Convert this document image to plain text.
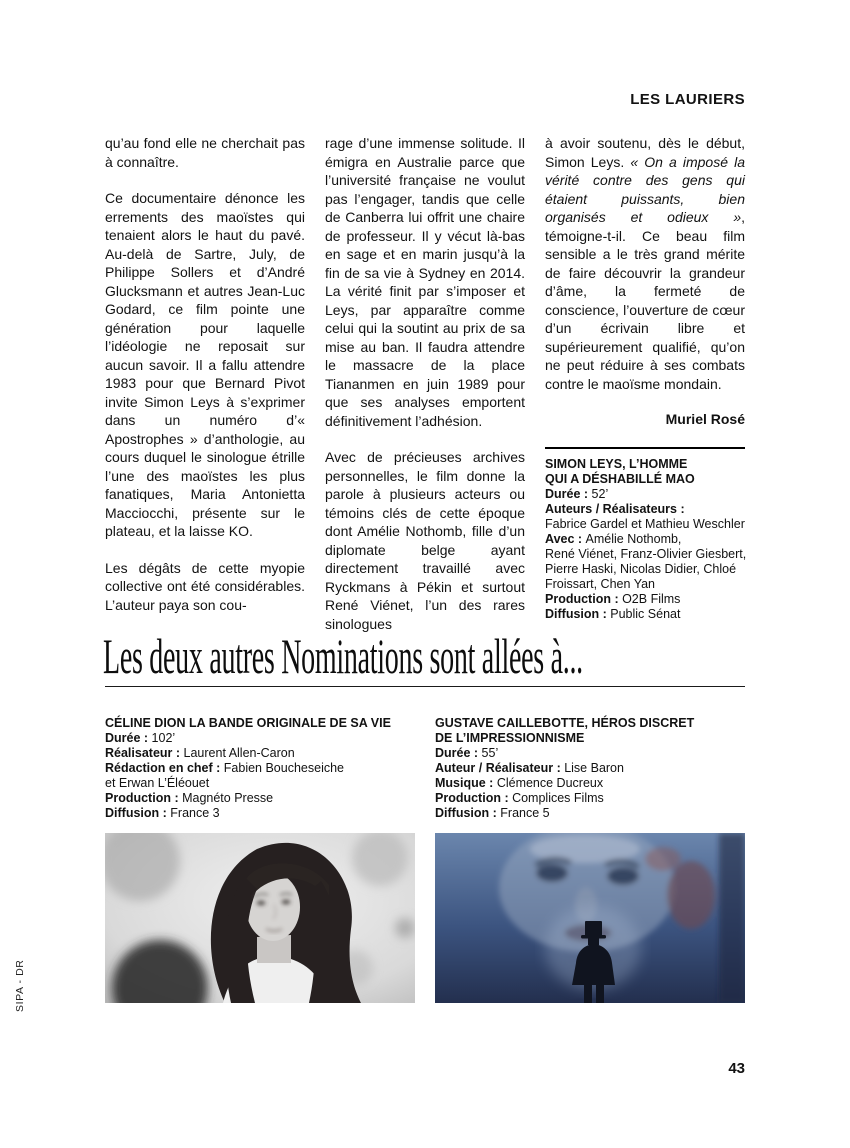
LES LAURIERS

qu’au fond elle ne cherchait pas à connaître.

Ce documentaire dénonce les errements des maoïstes qui tenaient alors le haut du pavé. Au-delà de Sartre, July, de Philippe Sollers et d’André Glucksmann et autres Jean-Luc Godard, ce film pointe une génération pour laquelle l’idéologie ne reposait sur aucun savoir. Il a fallu attendre 1983 pour que Bernard Pivot invite Simon Leys à s’exprimer dans un numéro d’« Apostrophes » d’anthologie, au cours duquel le sinologue étrille l’une des maoïstes les plus fanatiques, Maria Antonietta Macciocchi, présente sur le plateau, et la laisse KO.

Les dégâts de cette myopie collective ont été considérables. L’auteur paya son cou-

rage d’une immense solitude. Il émigra en Australie parce que l’université française ne voulut pas l’engager, tandis que celle de Canberra lui offrit une chaire de professeur. Il y vécut là-bas en sage et en marin jusqu’à la fin de sa vie à Sydney en 2014. La vérité finit par s’imposer et Leys, par apparaître comme celui qui la soutint au prix de sa mise au ban. Il faudra attendre le massacre de la place Tiananmen en juin 1989 pour que ses analyses emportent définitivement l’adhésion.

Avec de précieuses archives personnelles, le film donne la parole à plusieurs acteurs ou témoins clés de cette époque dont Amélie Nothomb, fille d’un diplomate belge ayant directement travaillé avec Ryckmans à Pékin et surtout René Viénet, l’un des rares sinologues

à avoir soutenu, dès le début, Simon Leys. « On a imposé la vérité contre des gens qui étaient puissants, bien organisés et odieux », témoigne-t-il. Ce beau film sensible a le très grand mérite de faire découvrir la grandeur d’âme, la fermeté de conscience, l’ouverture de cœur d’un écrivain libre et supérieurement qualifié, qu’on ne peut réduire à ses combats contre le maoïsme mondain.

Muriel Rosé
SIMON LEYS, L’HOMME
QUI A DÉSHABILLÉ MAO
Durée : 52’
Auteurs / Réalisateurs :
Fabrice Gardel et Mathieu Weschler
Avec : Amélie Nothomb,
René Viénet, Franz-Olivier Giesbert,
Pierre Haski, Nicolas Didier, Chloé
Froissart, Chen Yan
Production : O2B Films
Diffusion : Public Sénat
Les deux autres Nominations sont allées à...
CÉLINE DION LA BANDE ORIGINALE DE SA VIE
Durée : 102’
Réalisateur : Laurent Allen-Caron
Rédaction en chef : Fabien Boucheseiche
et Erwan L’Éléouet
Production : Magnéto Presse
Diffusion : France 3
GUSTAVE CAILLEBOTTE, HÉROS DISCRET
DE L’IMPRESSIONNISME
Durée : 55’
Auteur / Réalisateur : Lise Baron
Musique : Clémence Ducreux
Production : Complices Films
Diffusion : France 5
SIPA - DR
43
